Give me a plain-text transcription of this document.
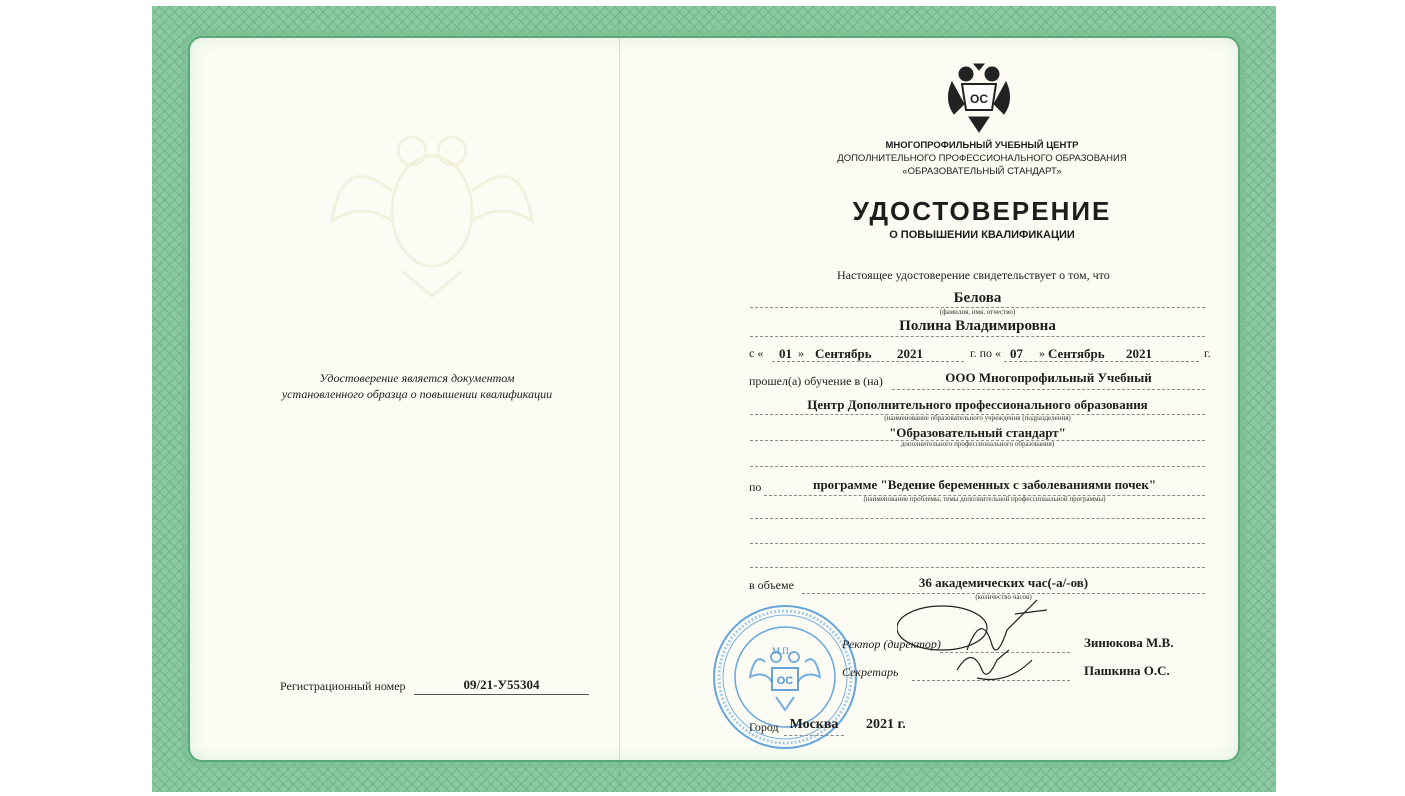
Удостоверение является документом
установленного образца о повышении квалификации
Регистрационный номер	09/21-У55304
ОС
МНОГОПРОФИЛЬНЫЙ УЧЕБНЫЙ ЦЕНТР
ДОПОЛНИТЕЛЬНОГО ПРОФЕССИОНАЛЬНОГО ОБРАЗОВАНИЯ
«ОБРАЗОВАТЕЛЬНЫЙ СТАНДАРТ»
УДОСТОВЕРЕНИЕ
О ПОВЫШЕНИИ КВАЛИФИКАЦИИ
Настоящее удостоверение свидетельствует о том, что
Белова
(фамилия, имя, отчество)
Полина Владимировна
с « 01 » Сентябрь 2021	г. по « 07 » Сентябрь 2021	г.
прошел(а) обучение в (на)	ООО Многопрофильный Учебный
Центр Дополнительного профессионального образования
(наименование образовательного учреждения (подразделения)
"Образовательный стандарт"
дополнительного профессионального образования)
по	программе "Ведение беременных с заболеваниями почек"
(наименование проблемы, темы дополнительной профессиональной программы)
в объеме	36 академических час(-а/-ов)
(количество часов)
ОС
М.П.	Ректор (директор)	Зинюкова М.В.
Секретарь	Пашкина О.С.
Город Москва	2021 г.
